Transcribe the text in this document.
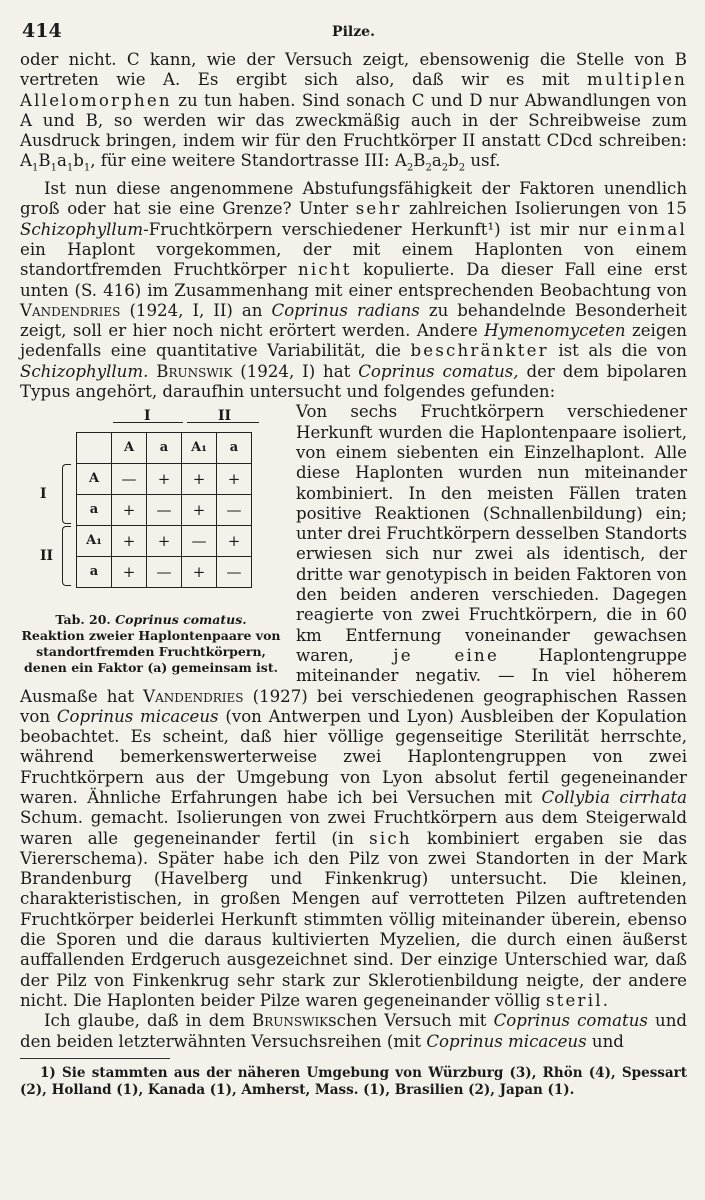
414	Pilze.

oder nicht. C kann, wie der Versuch zeigt, ebensowenig die Stelle von B vertreten wie A. Es ergibt sich also, daß wir es mit multiplen Allelomorphen zu tun haben. Sind sonach C und D nur Abwandlungen von A und B, so werden wir das zweckmäßig auch in der Schreibweise zum Ausdruck bringen, indem wir für den Fruchtkörper II anstatt CDcd schreiben: $A_1B_1a_1b_1$, für eine weitere Standortrasse III: $A_2B_2a_2b_2$ usf.

Ist nun diese angenommene Abstufungsfähigkeit der Faktoren unendlich groß oder hat sie eine Grenze? Unter sehr zahlreichen Isolierungen von 15 Schizophyllum-Fruchtkörpern verschiedener Herkunft¹) ist mir nur einmal ein Haplont vorgekommen, der mit einem Haplonten von einem standortfremden Fruchtkörper nicht kopulierte. Da dieser Fall eine erst unten (S. 416) im Zusammenhang mit einer entsprechenden Beobachtung von Vandendries (1924, I, II) an Coprinus radians zu behandelnde Besonderheit zeigt, soll er hier noch nicht erörtert werden. Andere Hymenomyceten zeigen jedenfalls eine quantitative Variabilität, die beschränkter ist als die von Schizophyllum. Brunswik (1924, I) hat Coprinus comatus, der dem bipolaren Typus angehört, daraufhin untersucht und folgendes gefunden:

I	II
I
II
	A	a	A₁	a
A	—	+	+	+
a	+	—	+	—
A₁	+	+	—	+
a	+	—	+	—
Tab. 20. Coprinus comatus.
Reaktion zweier Haplontenpaare von standortfremden Fruchtkörpern, denen ein Faktor (a) gemeinsam ist.

Von sechs Fruchtkörpern verschiedener Herkunft wurden die Haplontenpaare isoliert, von einem siebenten ein Einzelhaplont. Alle diese Haplonten wurden nun miteinander kombiniert. In den meisten Fällen traten positive Reaktionen (Schnallenbildung) ein; unter drei Fruchtkörpern desselben Standorts erwiesen sich nur zwei als identisch, der dritte war genotypisch in beiden Faktoren von den beiden anderen verschieden. Dagegen reagierte von zwei Fruchtkörpern, die in 60 km Entfernung voneinander gewachsen waren, je eine Haplontengruppe miteinander negativ. — In viel höherem Ausmaße hat Vandendries (1927) bei verschiedenen geographischen Rassen von Coprinus micaceus (von Antwerpen und Lyon) Ausbleiben der Kopulation beobachtet. Es scheint, daß hier völlige gegenseitige Sterilität herrschte, während bemerkenswerterweise zwei Haplontengruppen von zwei Fruchtkörpern aus der Umgebung von Lyon absolut fertil gegeneinander waren. Ähnliche Erfahrungen habe ich bei Versuchen mit Collybia cirrhata Schum. gemacht. Isolierungen von zwei Fruchtkörpern aus dem Steigerwald waren alle gegeneinander fertil (in sich kombiniert ergaben sie das Viererschema). Später habe ich den Pilz von zwei Standorten in der Mark Brandenburg (Havelberg und Finkenkrug) untersucht. Die kleinen, charakteristischen, in großen Mengen auf verrotteten Pilzen auftretenden Fruchtkörper beiderlei Herkunft stimmten völlig miteinander überein, ebenso die Sporen und die daraus kultivierten Myzelien, die durch einen äußerst auffallenden Erdgeruch ausgezeichnet sind. Der einzige Unterschied war, daß der Pilz von Finkenkrug sehr stark zur Sklerotienbildung neigte, der andere nicht. Die Haplonten beider Pilze waren gegeneinander völlig steril.

Ich glaube, daß in dem Brunswikschen Versuch mit Coprinus comatus und den beiden letzterwähnten Versuchsreihen (mit Coprinus micaceus und

1) Sie stammten aus der näheren Umgebung von Würzburg (3), Rhön (4), Spessart (2), Holland (1), Kanada (1), Amherst, Mass. (1), Brasilien (2), Japan (1).
